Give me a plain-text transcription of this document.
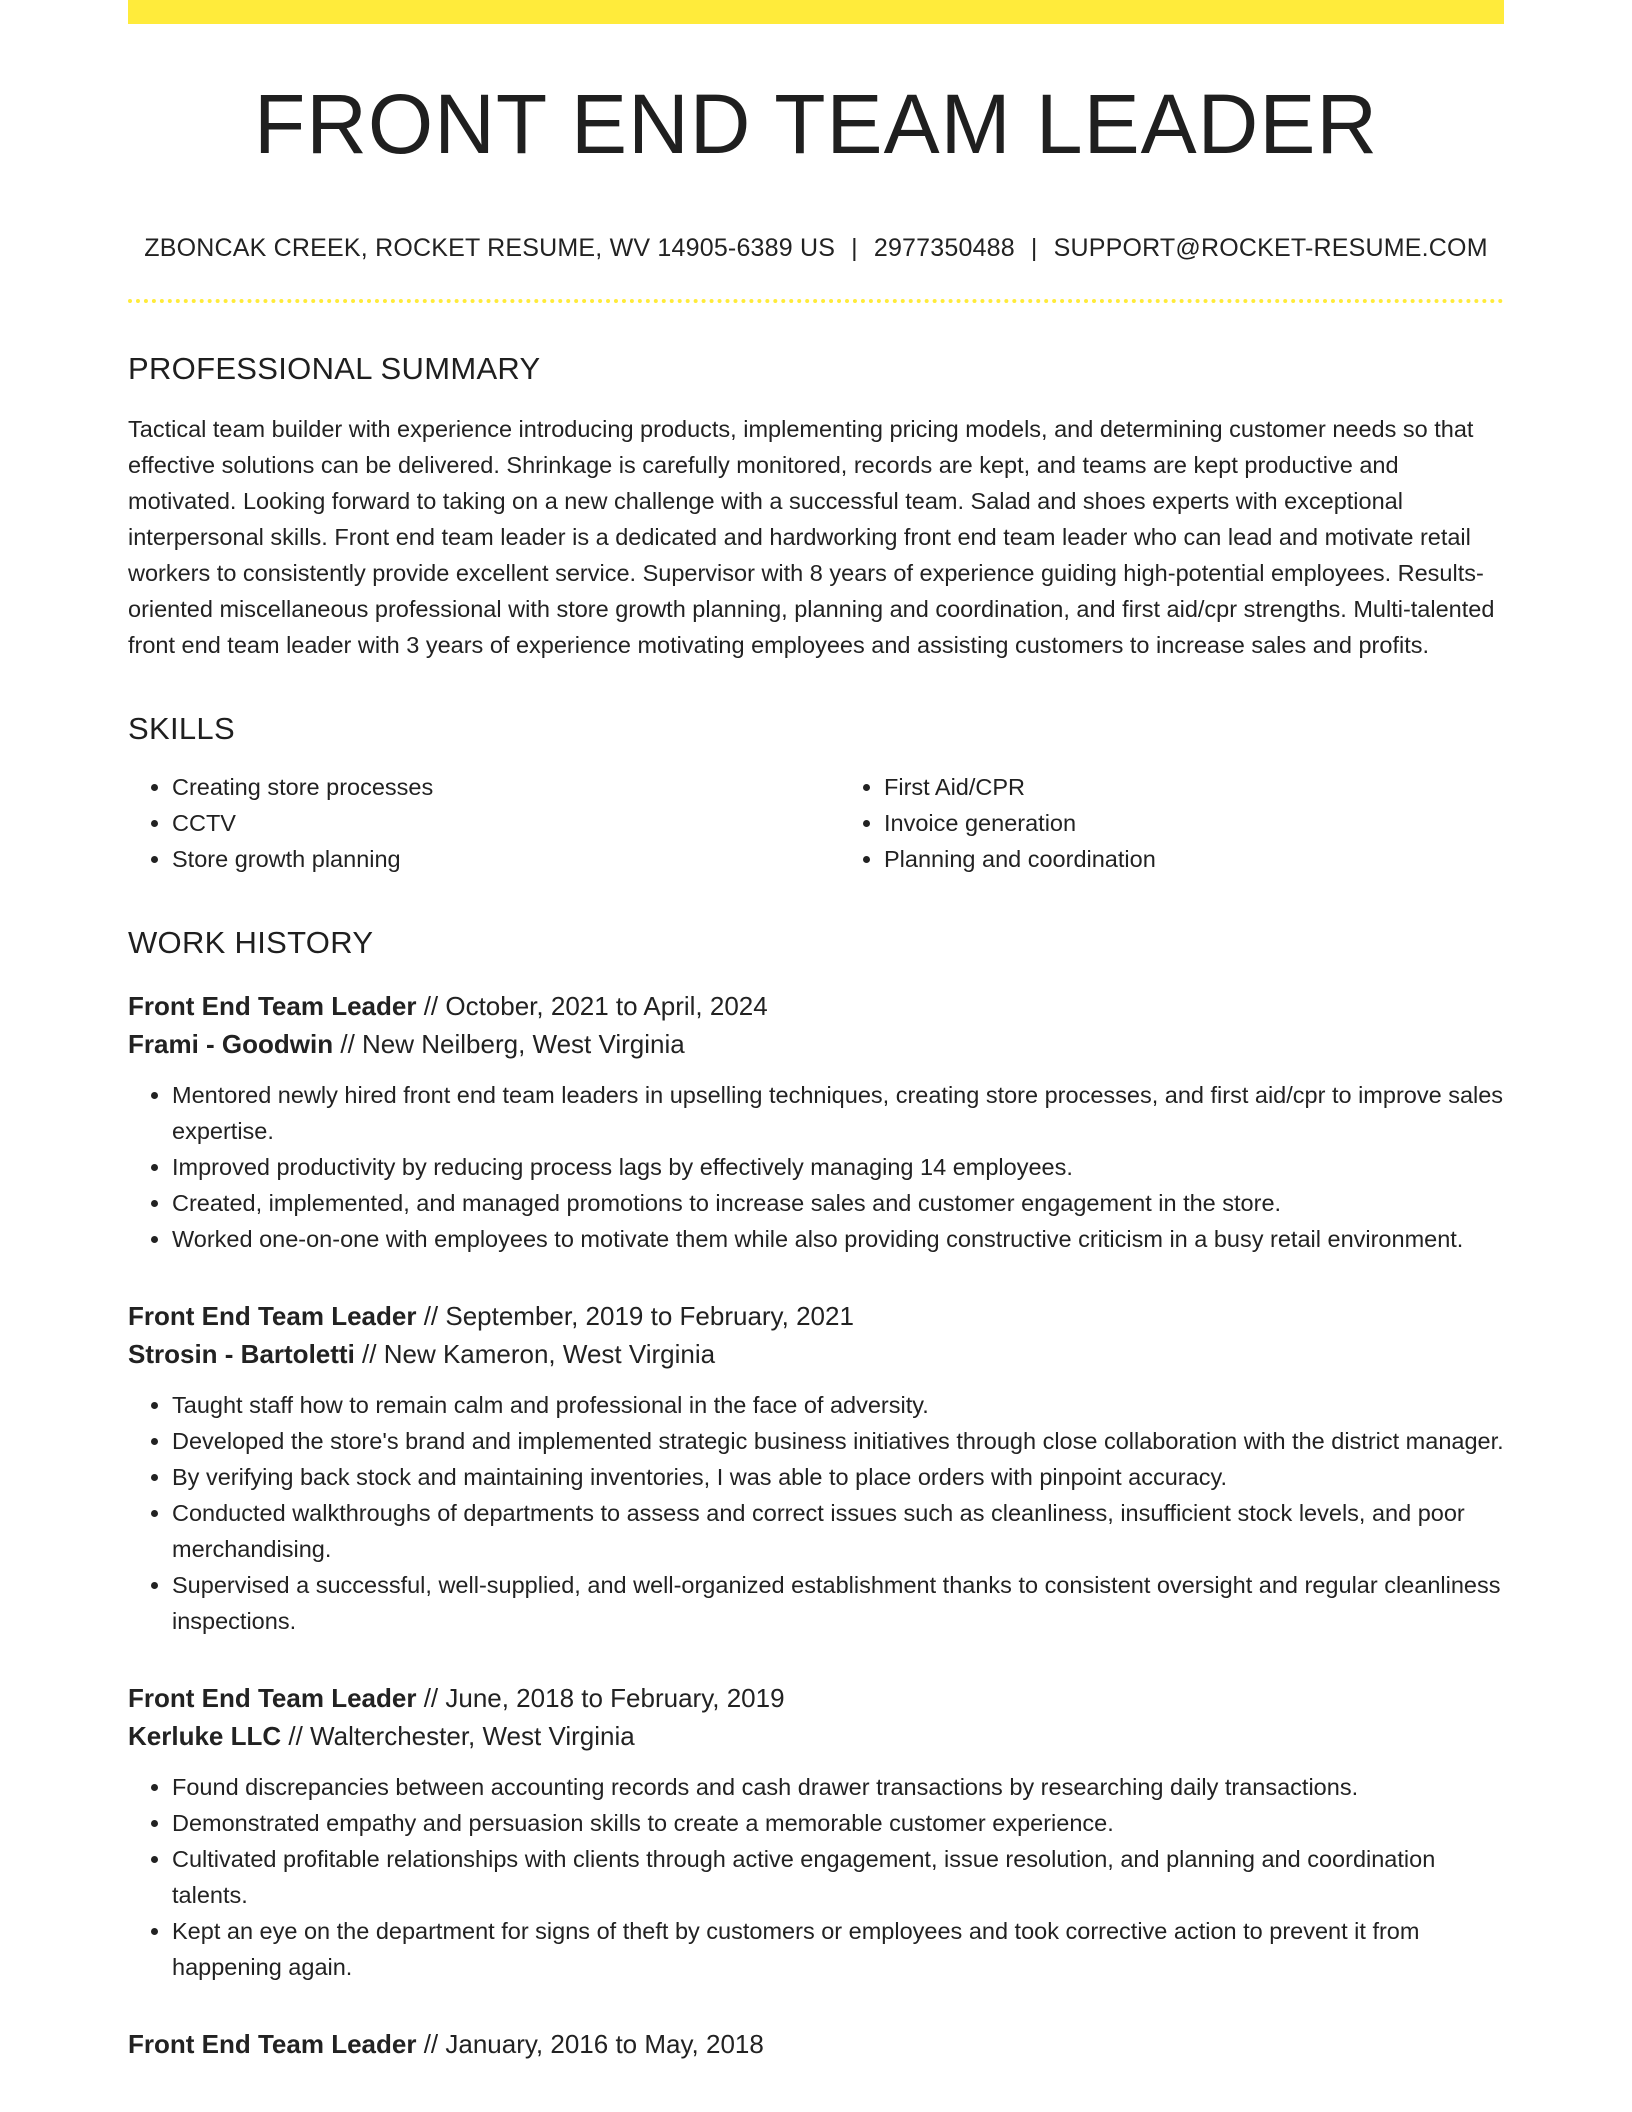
FRONT END TEAM LEADER
ZBONCAK CREEK, ROCKET RESUME, WV 14905-6389 US | 2977350488 | SUPPORT@ROCKET-RESUME.COM
PROFESSIONAL SUMMARY
Tactical team builder with experience introducing products, implementing pricing models, and determining customer needs so that effective solutions can be delivered. Shrinkage is carefully monitored, records are kept, and teams are kept productive and motivated. Looking forward to taking on a new challenge with a successful team. Salad and shoes experts with exceptional interpersonal skills. Front end team leader is a dedicated and hardworking front end team leader who can lead and motivate retail workers to consistently provide excellent service. Supervisor with 8 years of experience guiding high-potential employees. Results-oriented miscellaneous professional with store growth planning, planning and coordination, and first aid/cpr strengths. Multi-talented front end team leader with 3 years of experience motivating employees and assisting customers to increase sales and profits.
SKILLS
• Creating store processes
• CCTV
• Store growth planning
• First Aid/CPR
• Invoice generation
• Planning and coordination
WORK HISTORY
Front End Team Leader // October, 2021 to April, 2024
Frami - Goodwin // New Neilberg, West Virginia
• Mentored newly hired front end team leaders in upselling techniques, creating store processes, and first aid/cpr to improve sales expertise.
• Improved productivity by reducing process lags by effectively managing 14 employees.
• Created, implemented, and managed promotions to increase sales and customer engagement in the store.
• Worked one-on-one with employees to motivate them while also providing constructive criticism in a busy retail environment.
Front End Team Leader // September, 2019 to February, 2021
Strosin - Bartoletti // New Kameron, West Virginia
• Taught staff how to remain calm and professional in the face of adversity.
• Developed the store's brand and implemented strategic business initiatives through close collaboration with the district manager.
• By verifying back stock and maintaining inventories, I was able to place orders with pinpoint accuracy.
• Conducted walkthroughs of departments to assess and correct issues such as cleanliness, insufficient stock levels, and poor merchandising.
• Supervised a successful, well-supplied, and well-organized establishment thanks to consistent oversight and regular cleanliness inspections.
Front End Team Leader // June, 2018 to February, 2019
Kerluke LLC // Walterchester, West Virginia
• Found discrepancies between accounting records and cash drawer transactions by researching daily transactions.
• Demonstrated empathy and persuasion skills to create a memorable customer experience.
• Cultivated profitable relationships with clients through active engagement, issue resolution, and planning and coordination talents.
• Kept an eye on the department for signs of theft by customers or employees and took corrective action to prevent it from happening again.
Front End Team Leader // January, 2016 to May, 2018
